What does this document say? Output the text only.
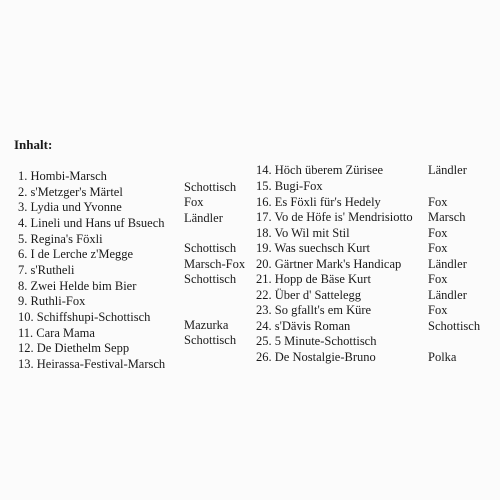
Inhalt:
1. Hombi-Marsch
2. s'Metzger's Märtel
3. Lydia und Yvonne
4. Lineli und Hans uf Bsuech
5. Regina's Föxli
6. I de Lerche z'Megge
7. s'Rutheli
8. Zwei Helde bim Bier
9. Ruthli-Fox
10. Schiffshupi-Schottisch
11. Cara Mama
12. De Diethelm Sepp
13. Heirassa-Festival-Marsch
Schottisch
Fox
Ländler
Schottisch
Marsch-Fox
Schottisch
Mazurka
Schottisch
14. Höch überem Zürisee
15. Bugi-Fox
16. Es Föxli für's Hedely
17. Vo de Höfe is' Mendrisiotto
18. Vo Wil mit Stil
19. Was suechsch Kurt
20. Gärtner Mark's Handicap
21. Hopp de Bäse Kurt
22. Über d' Sattelegg
23. So gfallt's em Küre
24. s'Dävis Roman
25. 5 Minute-Schottisch
26. De Nostalgie-Bruno
Ländler
Fox
Marsch
Fox
Fox
Ländler
Fox
Ländler
Fox
Schottisch
Polka
